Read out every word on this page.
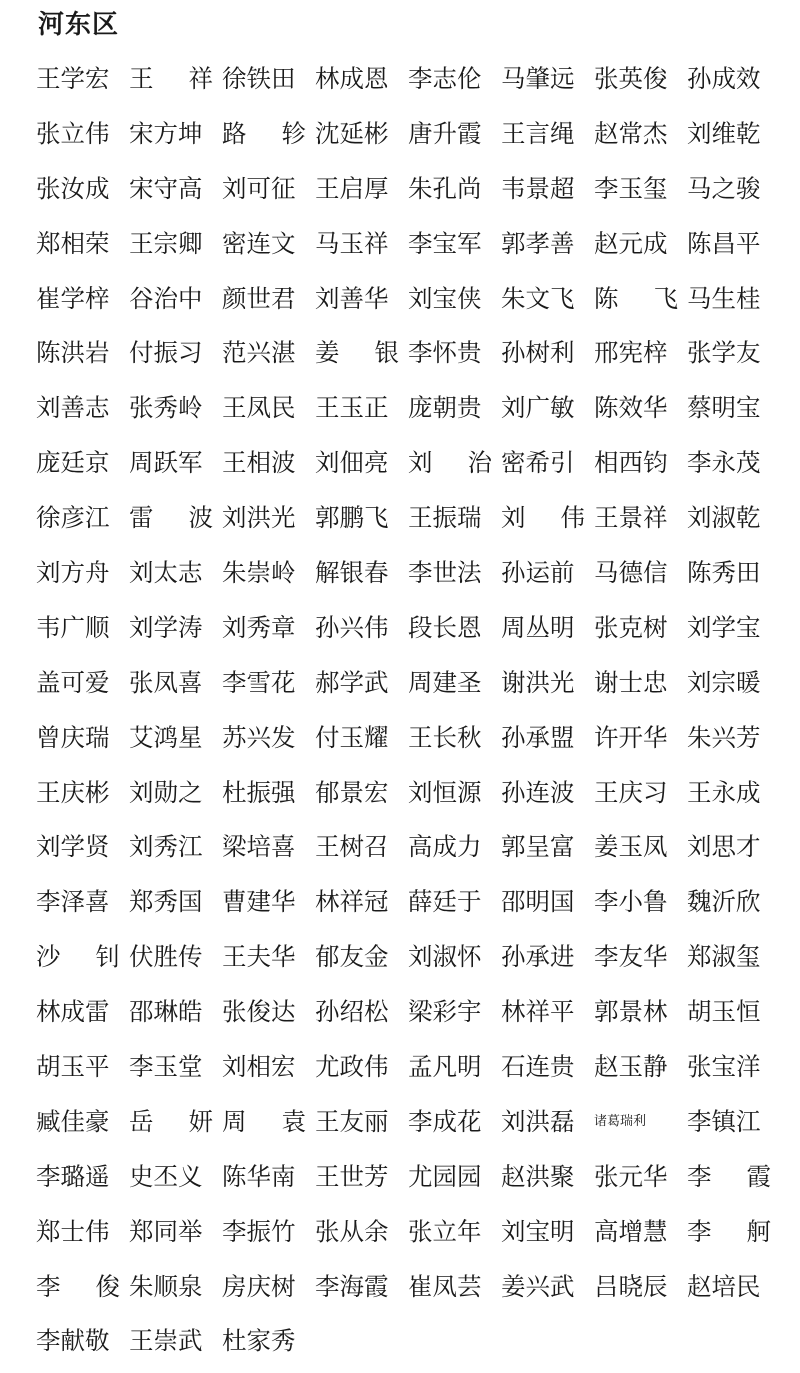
河东区
王学宏 王 祥 徐铁田 林成恩 李志伦 马肇远 张英俊 孙成效
张立伟 宋方坤 路 轸 沈延彬 唐升霞 王言绳 赵常杰 刘维乾
张汝成 宋守高 刘可征 王启厚 朱孔尚 韦景超 李玉玺 马之骏
郑相荣 王宗卿 密连文 马玉祥 李宝军 郭孝善 赵元成 陈昌平
崔学梓 谷治中 颜世君 刘善华 刘宝侠 朱文飞 陈 飞 马生桂
陈洪岩 付振习 范兴湛 姜 银 李怀贵 孙树利 邢宪梓 张学友
刘善志 张秀岭 王凤民 王玉正 庞朝贵 刘广敏 陈效华 蔡明宝
庞廷京 周跃军 王相波 刘佃亮 刘 治 密希引 相西钧 李永茂
徐彦江 雷 波 刘洪光 郭鹏飞 王振瑞 刘 伟 王景祥 刘淑乾
刘方舟 刘太志 朱崇岭 解银春 李世法 孙运前 马德信 陈秀田
韦广顺 刘学涛 刘秀章 孙兴伟 段长恩 周丛明 张克树 刘学宝
盖可爱 张凤喜 李雪花 郝学武 周建圣 谢洪光 谢士忠 刘宗暖
曾庆瑞 艾鸿星 苏兴发 付玉耀 王长秋 孙承盟 许开华 朱兴芳
王庆彬 刘勋之 杜振强 郁景宏 刘恒源 孙连波 王庆习 王永成
刘学贤 刘秀江 梁培喜 王树召 高成力 郭呈富 姜玉凤 刘思才
李泽喜 郑秀国 曹建华 林祥冠 薛廷于 邵明国 李小鲁 魏沂欣
沙 钊 伏胜传 王夫华 郁友金 刘淑怀 孙承进 李友华 郑淑玺
林成雷 邵琳皓 张俊达 孙绍松 梁彩宇 林祥平 郭景林 胡玉恒
胡玉平 李玉堂 刘相宏 尤政伟 孟凡明 石连贵 赵玉静 张宝洋
臧佳豪 岳 妍 周 袁 王友丽 李成花 刘洪磊	诸葛瑞利	李镇江
李璐遥 史丕义 陈华南 王世芳 尤园园 赵洪聚 张元华 李 霞
郑士伟 郑同举 李振竹 张从余 张立年 刘宝明 高增慧 李 舸
李 俊 朱顺泉 房庆树 李海霞 崔凤芸 姜兴武 吕晓辰 赵培民
李献敬 王崇武 杜家秀
